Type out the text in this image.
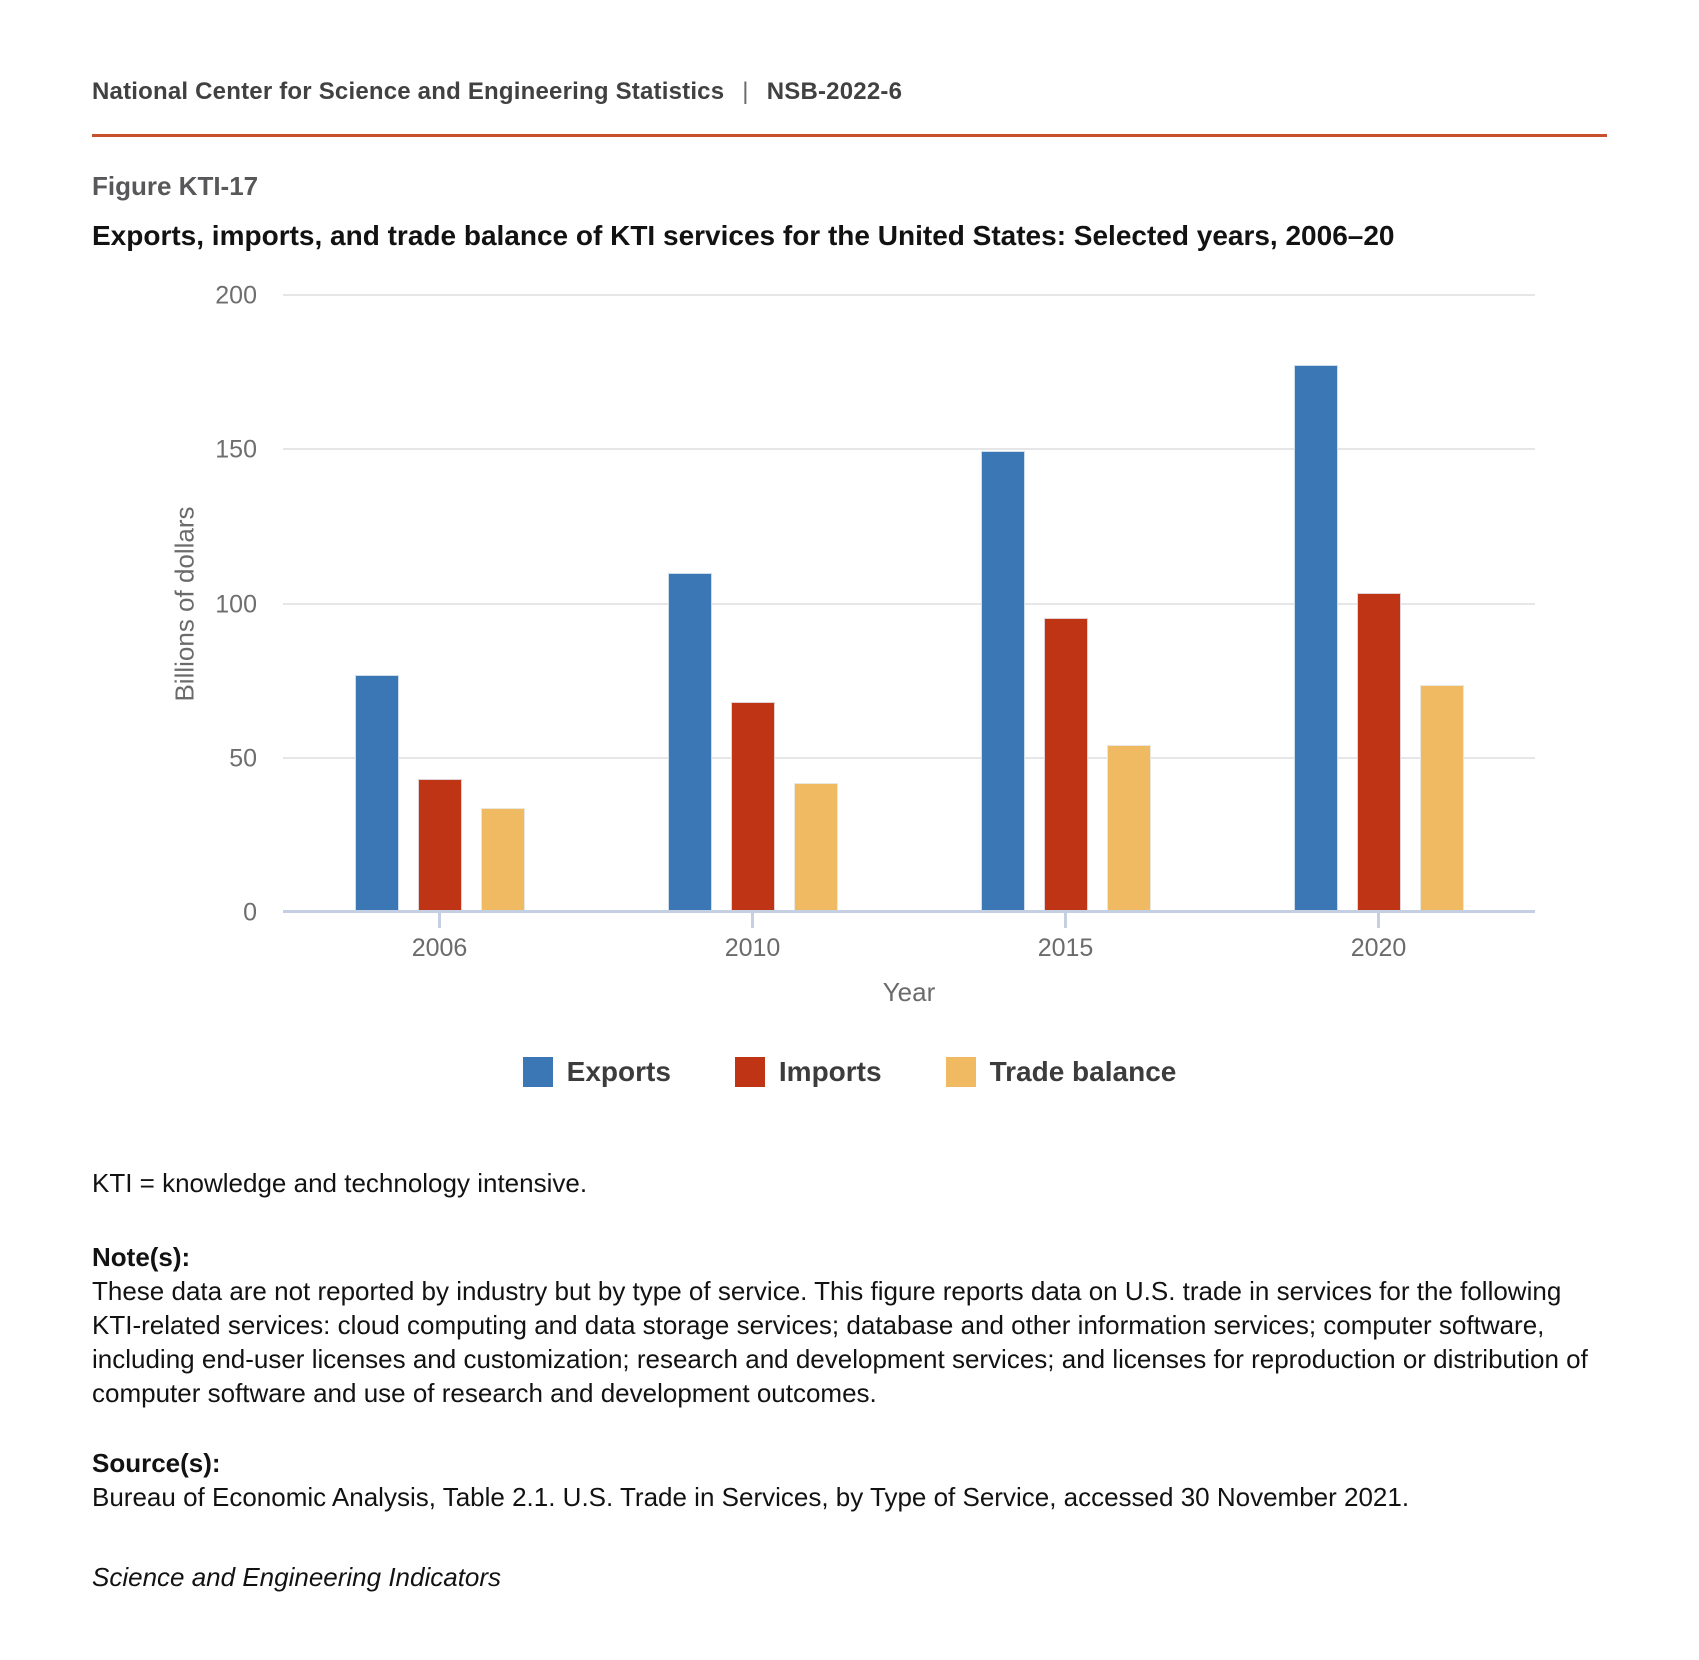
National Center for Science and Engineering Statistics | NSB-2022-6
Figure KTI-17
Exports, imports, and trade balance of KTI services for the United States: Selected years, 2006–20
Billions of dollars
0
50
100
150
200
2006	2010	2015	2020
Year
Exports	Imports	Trade balance

KTI = knowledge and technology intensive.

Note(s):

These data are not reported by industry but by type of service. This figure reports data on U.S. trade in services for the following KTI-related services: cloud computing and data storage services; database and other information services; computer software, including end-user licenses and customization; research and development services; and licenses for reproduction or distribution of computer software and use of research and development outcomes.

Source(s):

Bureau of Economic Analysis, Table 2.1. U.S. Trade in Services, by Type of Service, accessed 30 November 2021.

Science and Engineering Indicators
